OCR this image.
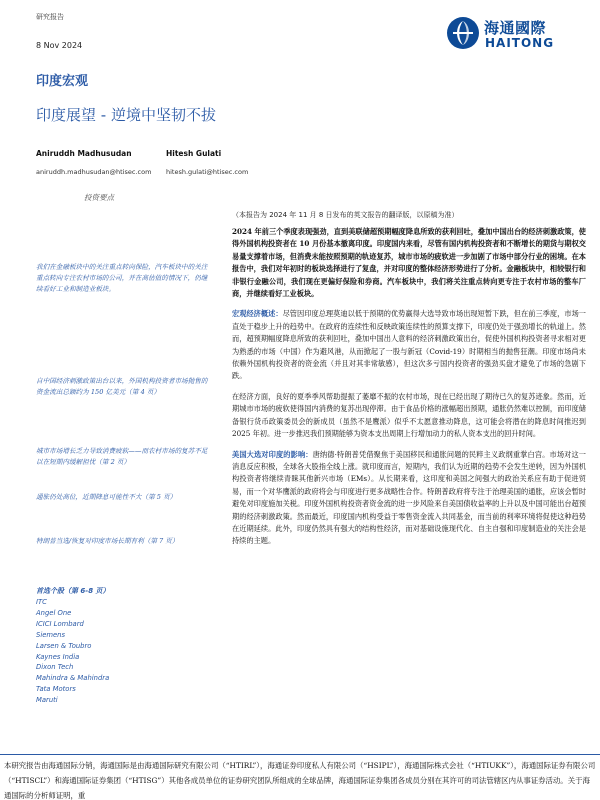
研究报告
8 Nov 2024
海通國際
HAITONG
印度宏观
印度展望 - 逆境中坚韧不拔
Aniruddh Madhusudan
aniruddh.madhusudan@htisec.com
Hitesh Gulati
hitesh.gulati@htisec.com
投资要点
（本报告为 2024 年 11 月 8 日发布的英文报告的翻译版，以原稿为准）

2024 年前三个季度表现强劲，直到美联储超预期幅度降息所致的获利回吐，叠加中国出台的经济刺激政策，使得外国机构投资者在 10 月份基本撤离印度。印度国内来看，尽管有国内机构投资者和不断增长的期货与期权交易量支撑着市场，但消费未能按照预期的轨迹复苏，城市市场的疲软进一步加剧了市场中部分行业的困境。在本报告中，我们对年初时的板块选择进行了复盘，并对印度的整体经济形势进行了分析。金融板块中，相较银行和非银行金融公司，我们现在更偏好保险和券商。汽车板块中，我们将关注重点转向更专注于农村市场的整车厂商，并继续看好工业板块。

宏观经济概述：尽管因印度总理莫迪以低于预期的优势赢得大选导致市场出现短暂下跌，但在前三季度，市场一直处于稳步上升的趋势中。在政府的连续性和反映政策连续性的预算支撑下，印度仍处于强劲增长的轨道上。然而，超预期幅度降息所致的获利回吐，叠加中国出人意料的经济刺激政策出台，促使外国机构投资者寻求相对更为熟悉的市场（中国）作为避风港，从而掀起了一股与新冠（Covid-19）时期相当的抛售狂潮。印度市场尚未依赖外国机构投资者的资金流（并且对其非常敏感），但这次多亏国内投资者的强劲买盘才避免了市场的急剧下跌。

在经济方面，良好的夏季季风帮助提振了萎靡不振的农村市场，现在已经出现了期待已久的复苏迹象。然而，近期城市市场的疲软使得国内消费的复苏出现停滞。由于食品价格的涨幅超出预期，通胀仍然难以控制，而印度储备银行货币政策委员会的新成员（虽然不是鹰派）似乎不太愿意推动降息，这可能会将潜在的降息时间推迟到 2025 年初。进一步推迟我们预期能够为资本支出周期上行增加动力的私人资本支出的回升时间。

美国大选对印度的影响：唐纳德·特朗普凭借聚焦于美国移民和通胀问题的民粹主义政纲重掌白宫。市场对这一消息反应积极，全球各大股指全线上涨。就印度而言，短期内，我们认为近期的趋势不会发生逆转，因为外国机构投资者将继续青睐其他新兴市场（EMs）。从长期来看，这印度和美国之间强大的政治关系应有助于促进贸易，而一个对华鹰派的政府将会与印度进行更多战略性合作。特朗普政府将专注于治理美国的通胀，应该会暂时避免对印度施加关税。印度外国机构投资者资金流的进一步风险来自美国债收益率的上升以及中国可能出台超预期的经济刺激政策。然而最近，印度国内机构受益于零售资金流入共同基金，而当前的利率环境将促使这种趋势在近期延续。此外，印度仍然具有强大的结构性经济，而对基础设施现代化、自主自强和印度制造业的关注会是持续的主题。

我们在金融板块中的关注重点转向保险，汽车板块中的关注重点转向专注农村市场的公司，并在高估值的情况下，仍继续看好工业和制造业板块。
自中国经济刺激政策出台以来，外国机构投资者市场抛售的资金流出总额约为 150 亿美元（第 4 页）
城市市场增长乏力导致消费疲软——而农村市场的复苏不足以在短期内缓解担忧（第 2 页）
通胀仍处高位，近期降息可能性不大（第 5 页）
特朗普当选/恢复对印度市场长期有利（第 7 页）
首选个股（第 6-8 页）
ITC
Angel One
ICICI Lombard
Siemens
Larsen & Toubro
Kaynes India
Dixon Tech
Mahindra & Mahindra
Tata Motors
Maruti
本研究报告由海通国际分销，海通国际是由海通国际研究有限公司（“HTIRL”），海通证券印度私人有限公司（“HSIPL”），海通国际株式会社（“HTIUKK”），海通国际证券有限公司（“HTISCL”）和海通国际证券集团（“HTISG”）其他各成员单位的证券研究团队所组成的全球品牌，海通国际证券集团各成员分别在其许可的司法管辖区内从事证券活动。关于海通国际的分析师证明，重
